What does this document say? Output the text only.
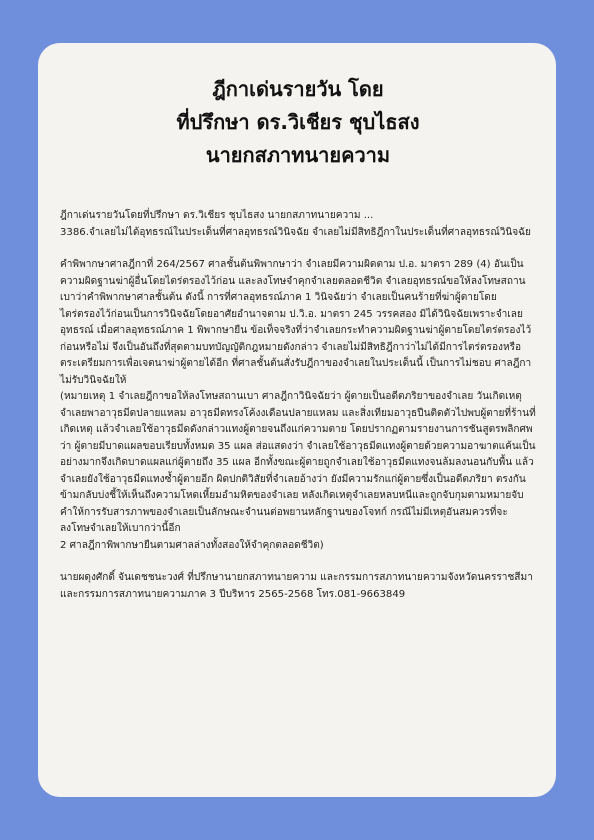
ฎีกาเด่นรายวัน โดย
ที่ปรึกษา ดร.วิเชียร ชุบไธสง
นายกสภาทนายความ

ฎีกาเด่นรายวันโดยที่ปรึกษา ดร.วิเชียร ชุบไธสง นายกสภาทนายความ ...
3386.จำเลยไม่ได้อุทธรณ์ในประเด็นที่ศาลอุทธรณ์วินิจฉัย จำเลยไม่มีสิทธิฎีกาในประเด็นที่ศาลอุทธรณ์วินิจฉัย

คำพิพากษาศาลฎีกาที่ 264/2567 ศาลชั้นต้นพิพากษาว่า จำเลยมีความผิดตาม ป.อ. มาตรา 289 (4) อันเป็นความผิดฐานฆ่าผู้อื่นโดยไตร่ตรองไว้ก่อน และลงโทษจำคุกจำเลยตลอดชีวิต จำเลยอุทธรณ์ขอให้ลงโทษสถานเบาว่าคำพิพากษาศาลชั้นต้น ดังนี้ การที่ศาลอุทธรณ์ภาค 1 วินิจฉัยว่า จำเลยเป็นคนร้ายที่ฆ่าผู้ตายโดยไตร่ตรองไว้ก่อนเป็นการวินิจฉัยโดยอาศัยอำนาจตาม ป.วิ.อ. มาตรา 245 วรรคสอง มิได้วินิจฉัยเพราะจำเลยอุทธรณ์ เมื่อศาลอุทธรณ์ภาค 1 พิพากษายืน ข้อเท็จจริงที่ว่าจำเลยกระทำความผิดฐานฆ่าผู้ตายโดยไตร่ตรองไว้ก่อนหรือไม่ จึงเป็นอันถึงที่สุดตามบทบัญญัติกฎหมายดังกล่าว จำเลยไม่มีสิทธิฎีกาว่าไม่ได้มีการไตร่ตรองหรือตระเตรียมการเพื่อเจตนาฆ่าผู้ตายได้อีก ที่ศาลชั้นต้นสั่งรับฎีกาของจำเลยในประเด็นนี้ เป็นการไม่ชอบ ศาลฎีกาไม่รับวินิจฉัยให้
(หมายเหตุ 1 จำเลยฎีกาขอให้ลงโทษสถานเบา ศาลฎีกาวินิจฉัยว่า ผู้ตายเป็นอดีตภริยาของจำเลย วันเกิดเหตุจำเลยพาอาวุธมีดปลายแหลม อาวุธมีดทรงโค้งงเดือนปลายแหลม และสิ่งเทียมอาวุธปืนติดตัวไปพบผู้ตายที่ร้านที่เกิดเหตุ แล้วจำเลยใช้อาวุธมีดดังกล่าวแทงผู้ตายจนถึงแก่ความตาย โดยปรากฏตามรายงานการชันสูตรพลิกศพว่า ผู้ตายมีบาดแผลขอบเรียบทั้งหมด 35 แผล ส่อแสดงว่า จำเลยใช้อาวุธมีดแทงผู้ตายด้วยความอาฆาตแค้นเป็นอย่างมากจึงเกิดบาดแผลแก่ผู้ตายถึง 35 แผล อีกทั้งขณะผู้ตายถูกจำเลยใช้อาวุธมีดแทงจนล้มลงนอนกับพื้น แล้ว จำเลยยังใช้อาวุธมีดแทงซ้ำผู้ตายอีก ผิดปกติวิสัยที่จำเลยอ้างว่า ยังมีความรักแก่ผู้ตายซึ่งเป็นอดีตภริยา ตรงกันข้ามกลับบ่งชี้ให้เห็นถึงความโหดเหี้ยมอำมหิตของจำเลย หลังเกิดเหตุจำเลยหลบหนีและถูกจับกุมตามหมายจับ คำให้การรับสารภาพของจำเลยเป็นลักษณะจำนนต่อพยานหลักฐานของโจทก์ กรณีไม่มีเหตุอันสมควรที่จะลงโทษจำเลยให้เบากว่านี้อีก
2 ศาลฎีกาพิพากษายืนตามศาลล่างทั้งสองให้จำคุกตลอดชีวิต)

นายผดุงศักดิ์ จันเดชชนะวงศ์ ที่ปรึกษานายกสภาทนายความ และกรรมการสภาทนายความจังหวัดนครราชสีมา และกรรมการสภาทนายความภาค 3 ปีบริหาร 2565-2568 โทร.081-9663849
